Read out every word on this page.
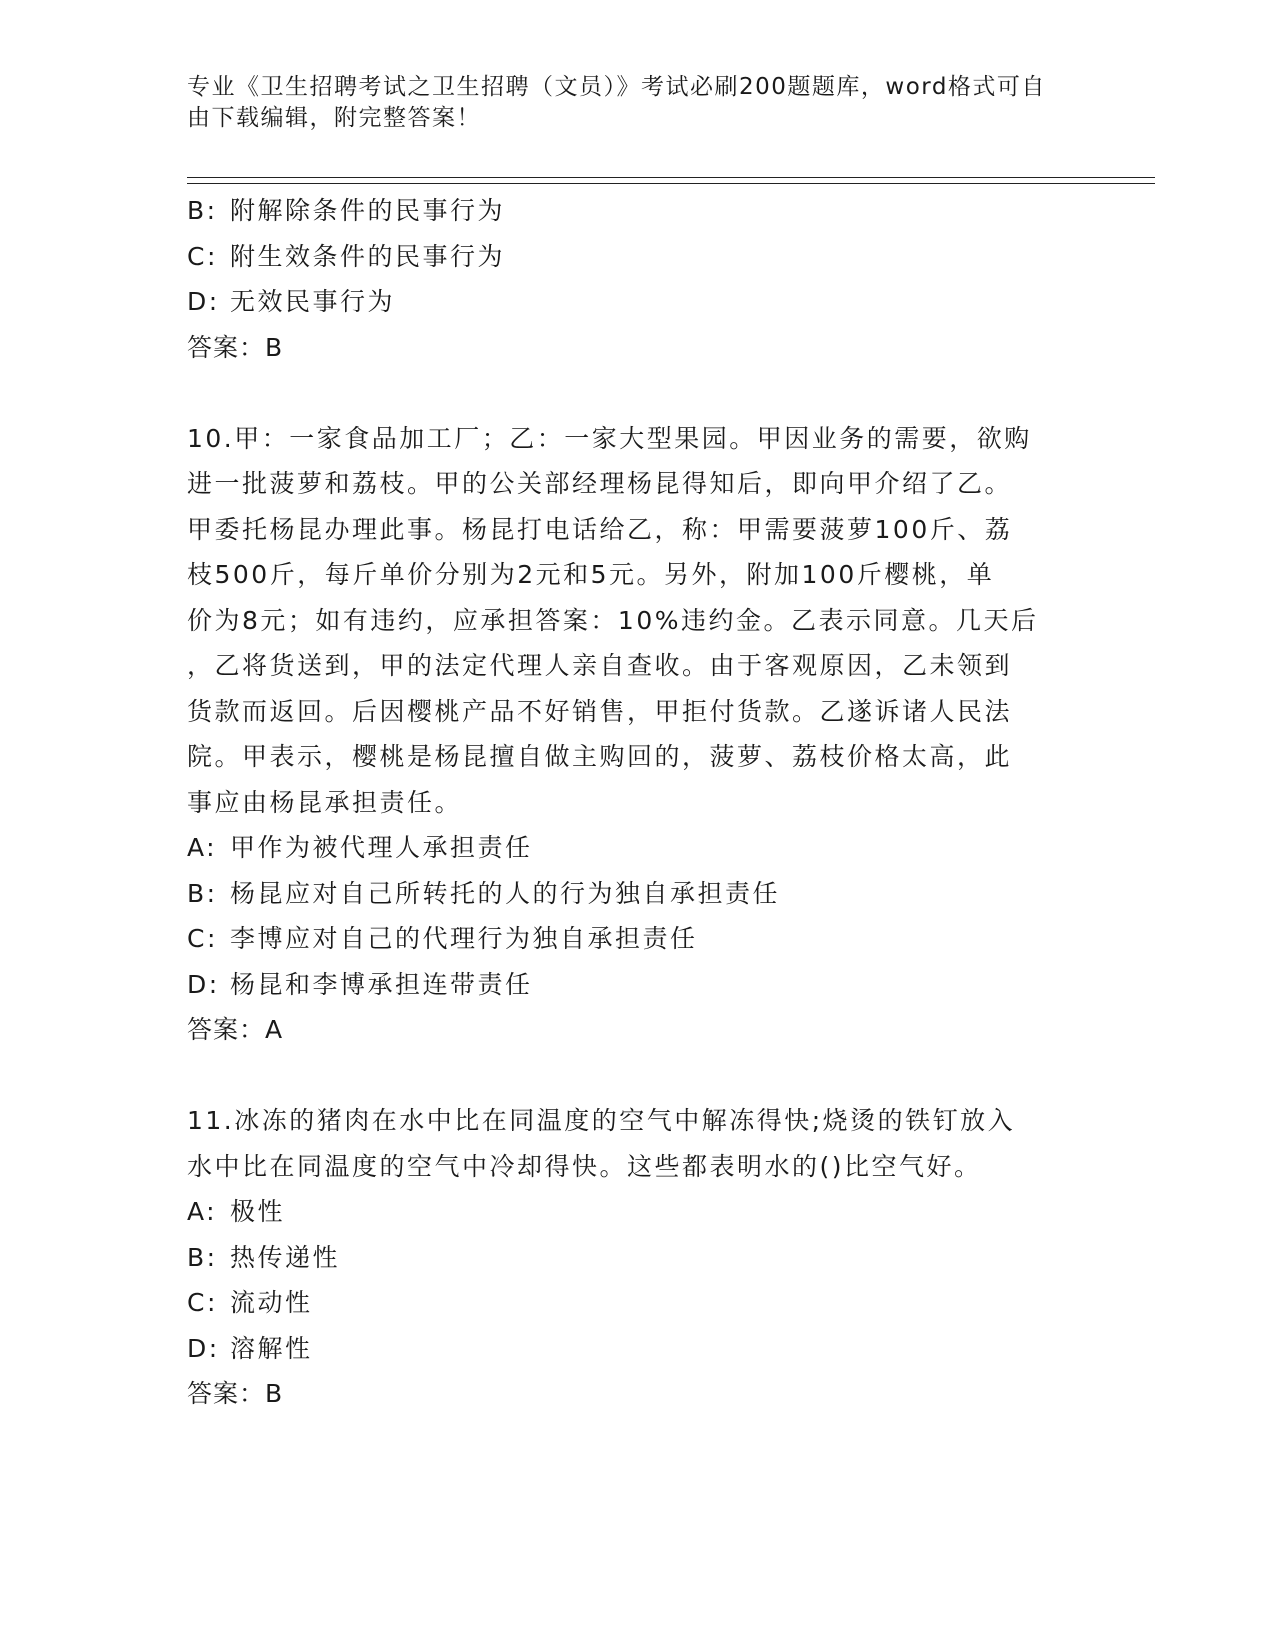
专业《卫生招聘考试之卫生招聘（文员）》考试必刷200题题库，word格式可自
由下载编辑，附完整答案！
B: 附解除条件的民事行为
C: 附生效条件的民事行为
D: 无效民事行为
答案：B
10.甲：一家食品加工厂；乙：一家大型果园。甲因业务的需要，欲购
进一批菠萝和荔枝。甲的公关部经理杨昆得知后，即向甲介绍了乙。
甲委托杨昆办理此事。杨昆打电话给乙，称：甲需要菠萝100斤、荔
枝500斤，每斤单价分别为2元和5元。另外，附加100斤樱桃，单
价为8元；如有违约，应承担答案：10%违约金。乙表示同意。几天后
，乙将货送到，甲的法定代理人亲自查收。由于客观原因，乙未领到
货款而返回。后因樱桃产品不好销售，甲拒付货款。乙遂诉诸人民法
院。甲表示，樱桃是杨昆擅自做主购回的，菠萝、荔枝价格太高，此
事应由杨昆承担责任。
A: 甲作为被代理人承担责任
B: 杨昆应对自己所转托的人的行为独自承担责任
C: 李博应对自己的代理行为独自承担责任
D: 杨昆和李博承担连带责任
答案：A
11.冰冻的猪肉在水中比在同温度的空气中解冻得快;烧烫的铁钉放入
水中比在同温度的空气中冷却得快。这些都表明水的()比空气好。
A: 极性
B: 热传递性
C: 流动性
D: 溶解性
答案：B
